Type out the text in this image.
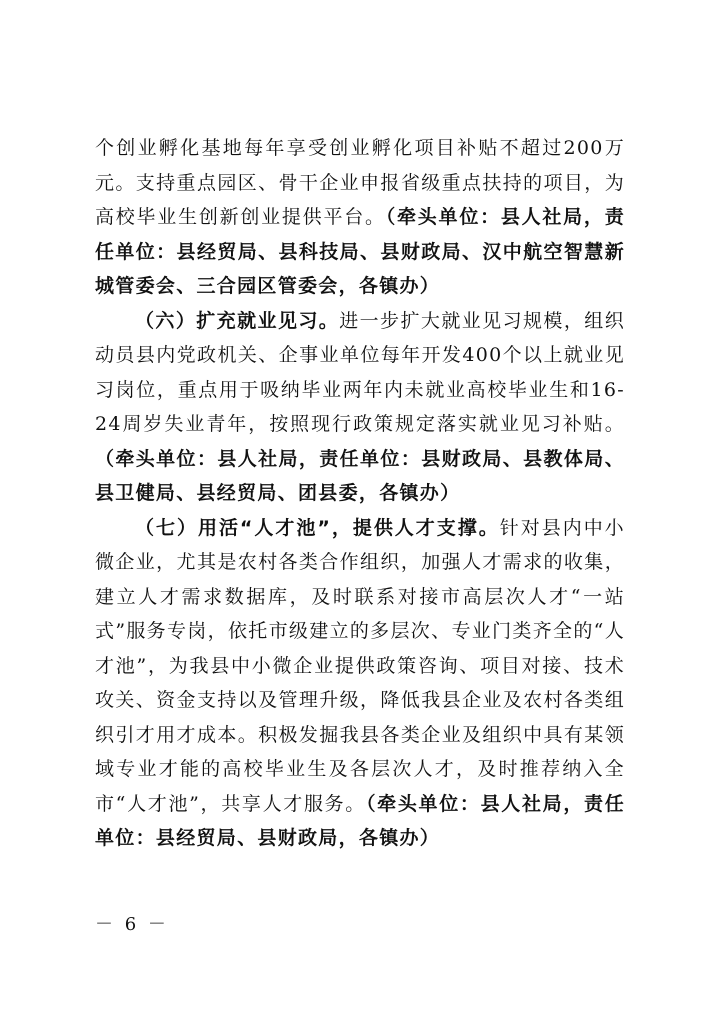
个创业孵化基地每年享受创业孵化项目补贴不超过200万元。支持重点园区、骨干企业申报省级重点扶持的项目，为高校毕业生创新创业提供平台。（牵头单位：县人社局，责任单位：县经贸局、县科技局、县财政局、汉中航空智慧新城管委会、三合园区管委会，各镇办）

（六）扩充就业见习。进一步扩大就业见习规模，组织动员县内党政机关、企事业单位每年开发400个以上就业见习岗位，重点用于吸纳毕业两年内未就业高校毕业生和16-24周岁失业青年，按照现行政策规定落实就业见习补贴。（牵头单位：县人社局，责任单位：县财政局、县教体局、县卫健局、县经贸局、团县委，各镇办）

（七）用活“人才池”，提供人才支撑。针对县内中小微企业，尤其是农村各类合作组织，加强人才需求的收集，建立人才需求数据库，及时联系对接市高层次人才“一站式”服务专岗，依托市级建立的多层次、专业门类齐全的“人才池”，为我县中小微企业提供政策咨询、项目对接、技术攻关、资金支持以及管理升级，降低我县企业及农村各类组织引才用才成本。积极发掘我县各类企业及组织中具有某领域专业才能的高校毕业生及各层次人才，及时推荐纳入全市“人才池”，共享人才服务。（牵头单位：县人社局，责任单位：县经贸局、县财政局，各镇办）

－ 6 －
